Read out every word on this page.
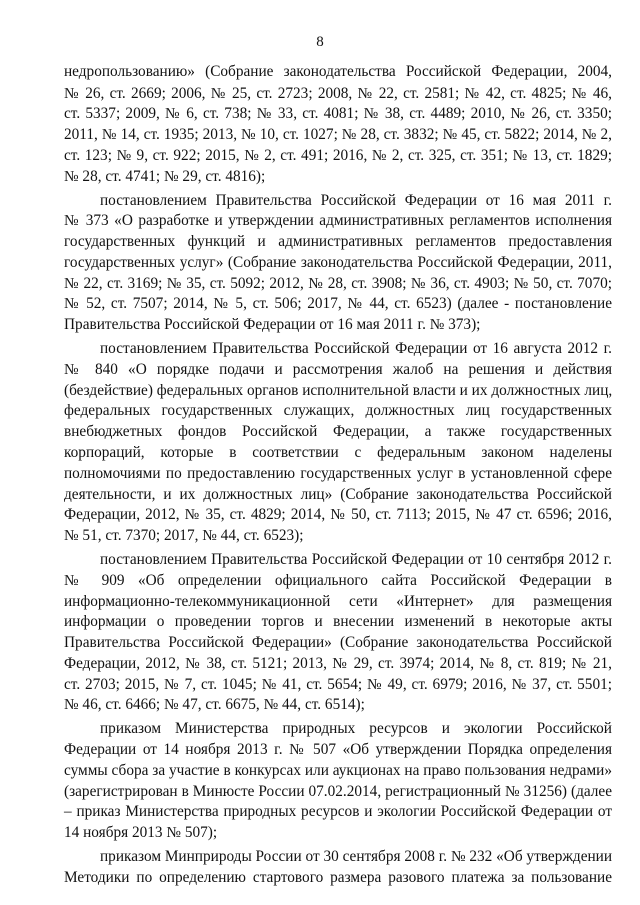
8
недропользованию» (Собрание законодательства Российской Федерации, 2004,
№ 26, ст. 2669; 2006, № 25, ст. 2723; 2008, № 22, ст. 2581; № 42, ст. 4825; № 46,
ст. 5337; 2009, № 6, ст. 738; № 33, ст. 4081; № 38, ст. 4489; 2010, № 26, ст. 3350;
2011, № 14, ст. 1935; 2013, № 10, ст. 1027; № 28, ст. 3832; № 45, ст. 5822; 2014, № 2,
ст. 123; № 9, ст. 922; 2015, № 2, ст. 491; 2016, № 2, ст. 325, ст. 351; № 13, ст. 1829;
№ 28, ст. 4741; № 29, ст. 4816);
постановлением Правительства Российской Федерации от 16 мая 2011 г.
№ 373 «О разработке и утверждении административных регламентов исполнения
государственных функций и административных регламентов предоставления
государственных услуг» (Собрание законодательства Российской Федерации, 2011,
№ 22, ст. 3169; № 35, ст. 5092; 2012, № 28, ст. 3908; № 36, ст. 4903; № 50, ст. 7070;
№ 52, ст. 7507; 2014, № 5, ст. 506; 2017, № 44, ст. 6523) (далее - постановление
Правительства Российской Федерации от 16 мая 2011 г. № 373);
постановлением Правительства Российской Федерации от 16 августа 2012 г.
№ 840 «О порядке подачи и рассмотрения жалоб на решения и действия
(бездействие) федеральных органов исполнительной власти и их должностных лиц,
федеральных государственных служащих, должностных лиц государственных
внебюджетных фондов Российской Федерации, а также государственных
корпораций, которые в соответствии с федеральным законом наделены
полномочиями по предоставлению государственных услуг в установленной сфере
деятельности, и их должностных лиц» (Собрание законодательства Российской
Федерации, 2012, № 35, ст. 4829; 2014, № 50, ст. 7113; 2015, № 47 ст. 6596; 2016,
№ 51, ст. 7370; 2017, № 44, ст. 6523);
постановлением Правительства Российской Федерации от 10 сентября 2012 г.
№ 909 «Об определении официального сайта Российской Федерации в
информационно-телекоммуникационной сети «Интернет» для размещения
информации о проведении торгов и внесении изменений в некоторые акты
Правительства Российской Федерации» (Собрание законодательства Российской
Федерации, 2012, № 38, ст. 5121; 2013, № 29, ст. 3974; 2014, № 8, ст. 819; № 21,
ст. 2703; 2015, № 7, ст. 1045; № 41, ст. 5654; № 49, ст. 6979; 2016, № 37, ст. 5501;
№ 46, ст. 6466; № 47, ст. 6675, № 44, ст. 6514);
приказом Министерства природных ресурсов и экологии Российской
Федерации от 14 ноября 2013 г. № 507 «Об утверждении Порядка определения
суммы сбора за участие в конкурсах или аукционах на право пользования недрами»
(зарегистрирован в Минюсте России 07.02.2014, регистрационный № 31256) (далее
– приказ Министерства природных ресурсов и экологии Российской Федерации от
14 ноября 2013 № 507);
приказом Минприроды России от 30 сентября 2008 г. № 232 «Об утверждении
Методики по определению стартового размера разового платежа за пользование
